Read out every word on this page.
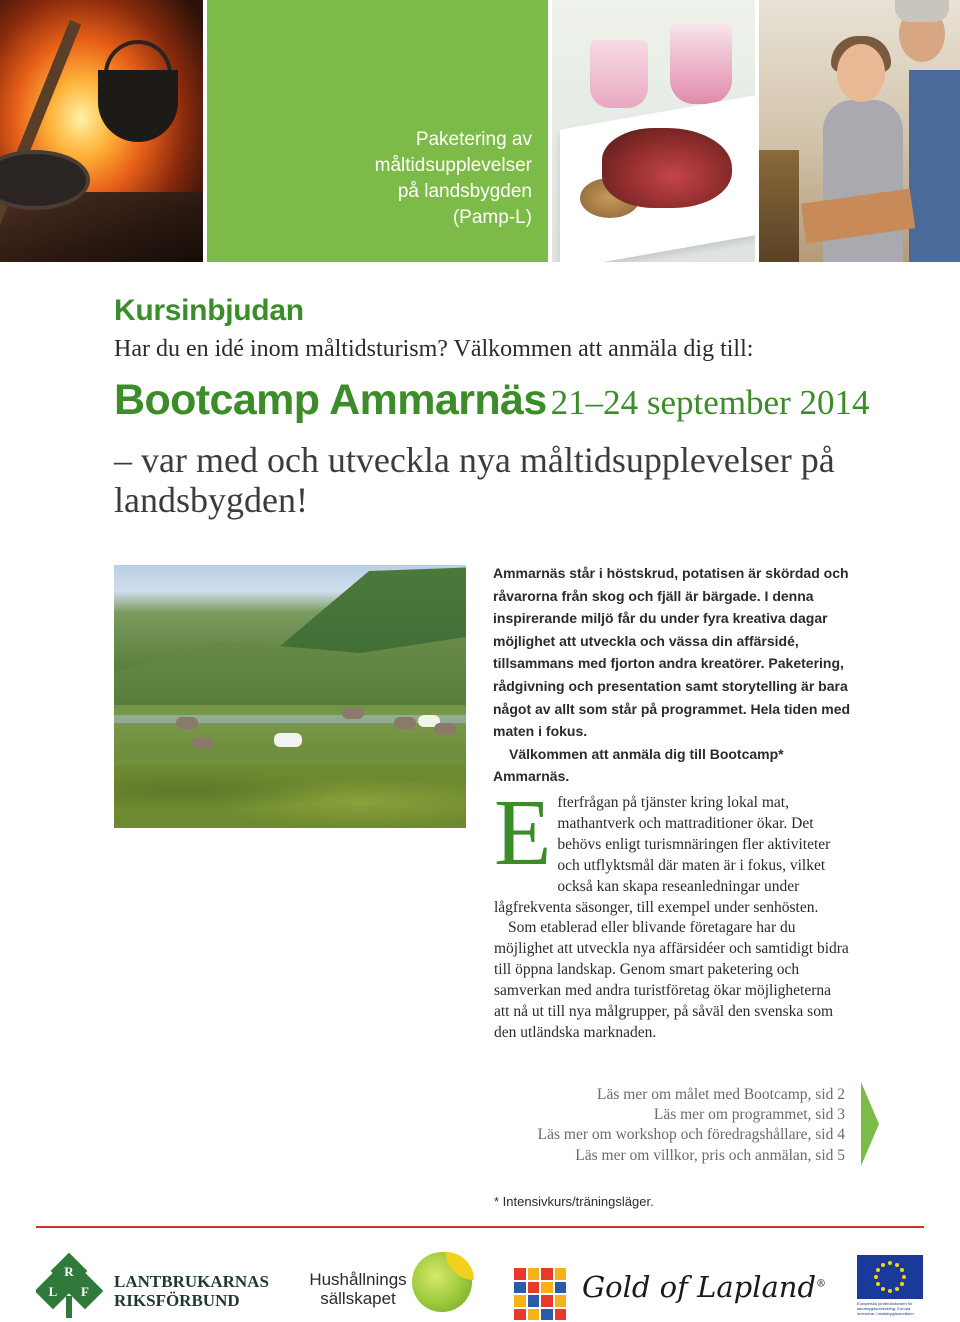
Paketering av
måltidsupplevelser
på landsbygden
(Pamp-L)
Kursinbjudan
Har du en idé inom måltidsturism? Välkommen att anmäla dig till:
Bootcamp Ammarnäs 21–24 september 2014
– var med och utveckla nya måltidsupplevelser på landsbygden!
Ammarnäs står i höstskrud, potatisen är skördad och råvarorna från skog och fjäll är bärgade. I denna inspirerande miljö får du under fyra kreativa dagar möjlighet att utveckla och vässa din affärsidé, tillsammans med fjorton andra kreatörer. Paketering, rådgivning och presentation samt storytelling är bara något av allt som står på programmet. Hela tiden med maten i fokus.
Välkommen att anmäla dig till Bootcamp* Ammarnäs.
E fterfrågan på tjänster kring lokal mat, mathantverk och mattraditioner ökar. Det behövs enligt turismnäringen fler aktiviteter och utflyktsmål där maten är i fokus, vilket också kan skapa reseanledningar under lågfrekventa säsonger, till exempel under senhösten.

Som etablerad eller blivande företagare har du möjlighet att utveckla nya affärsidéer och samtidigt bidra till öppna landskap. Genom smart paketering och samverkan med andra turistföretag ökar möjligheterna att nå ut till nya målgrupper, på såväl den svenska som den utländska marknaden.

Läs mer om målet med Bootcamp, sid 2
Läs mer om programmet, sid 3
Läs mer om workshop och föredragshållare, sid 4
Läs mer om villkor, pris och anmälan, sid 5
* Intensivkurs/träningsläger.
R
L F
LANTBRUKARNAS
RIKSFÖRBUND
Hushållnings
sällskapet	Gold of Lapland®
Europeiska jordbruksfonden för landsbygdsutveckling: Europa investerar i landsbygdsområden
